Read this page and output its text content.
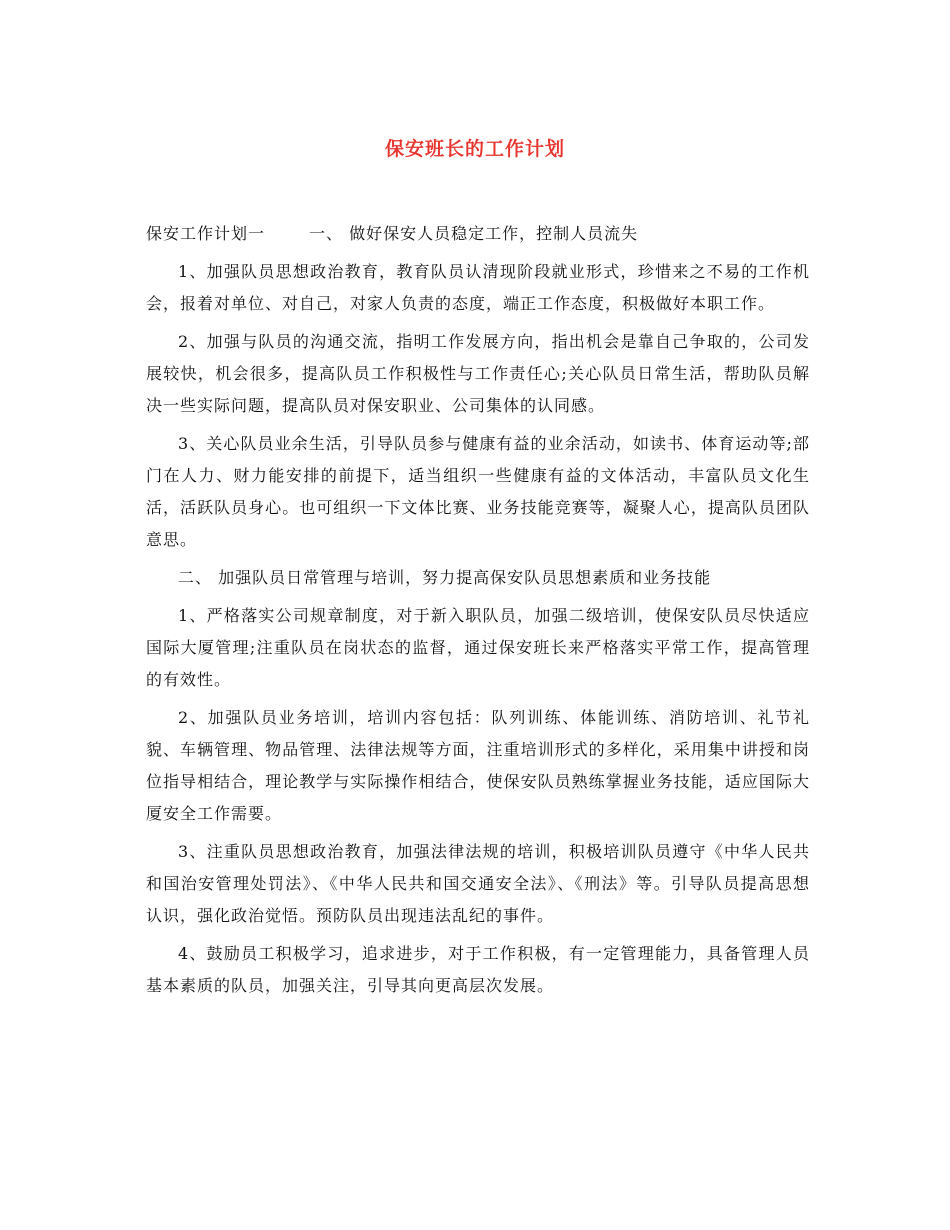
保安班长的工作计划

保安工作计划一	一、 做好保安人员稳定工作，控制人员流失

1、加强队员思想政治教育，教育队员认清现阶段就业形式，珍惜来之不易的工作机会，报着对单位、对自己，对家人负责的态度，端正工作态度，积极做好本职工作。

2、加强与队员的沟通交流，指明工作发展方向，指出机会是靠自己争取的，公司发展较快，机会很多，提高队员工作积极性与工作责任心;关心队员日常生活，帮助队员解决一些实际问题，提高队员对保安职业、公司集体的认同感。

3、关心队员业余生活，引导队员参与健康有益的业余活动，如读书、体育运动等;部门在人力、财力能安排的前提下，适当组织一些健康有益的文体活动，丰富队员文化生活，活跃队员身心。也可组织一下文体比赛、业务技能竞赛等，凝聚人心，提高队员团队意思。

二、 加强队员日常管理与培训，努力提高保安队员思想素质和业务技能

1、严格落实公司规章制度，对于新入职队员，加强二级培训，使保安队员尽快适应国际大厦管理;注重队员在岗状态的监督，通过保安班长来严格落实平常工作，提高管理的有效性。

2、加强队员业务培训，培训内容包括：队列训练、体能训练、消防培训、礼节礼貌、车辆管理、物品管理、法律法规等方面，注重培训形式的多样化，采用集中讲授和岗位指导相结合，理论教学与实际操作相结合，使保安队员熟练掌握业务技能，适应国际大厦安全工作需要。

3、注重队员思想政治教育，加强法律法规的培训，积极培训队员遵守《中华人民共和国治安管理处罚法》、《中华人民共和国交通安全法》、《刑法》等。引导队员提高思想认识，强化政治觉悟。预防队员出现违法乱纪的事件。

4、鼓励员工积极学习，追求进步，对于工作积极，有一定管理能力，具备管理人员基本素质的队员，加强关注，引导其向更高层次发展。
